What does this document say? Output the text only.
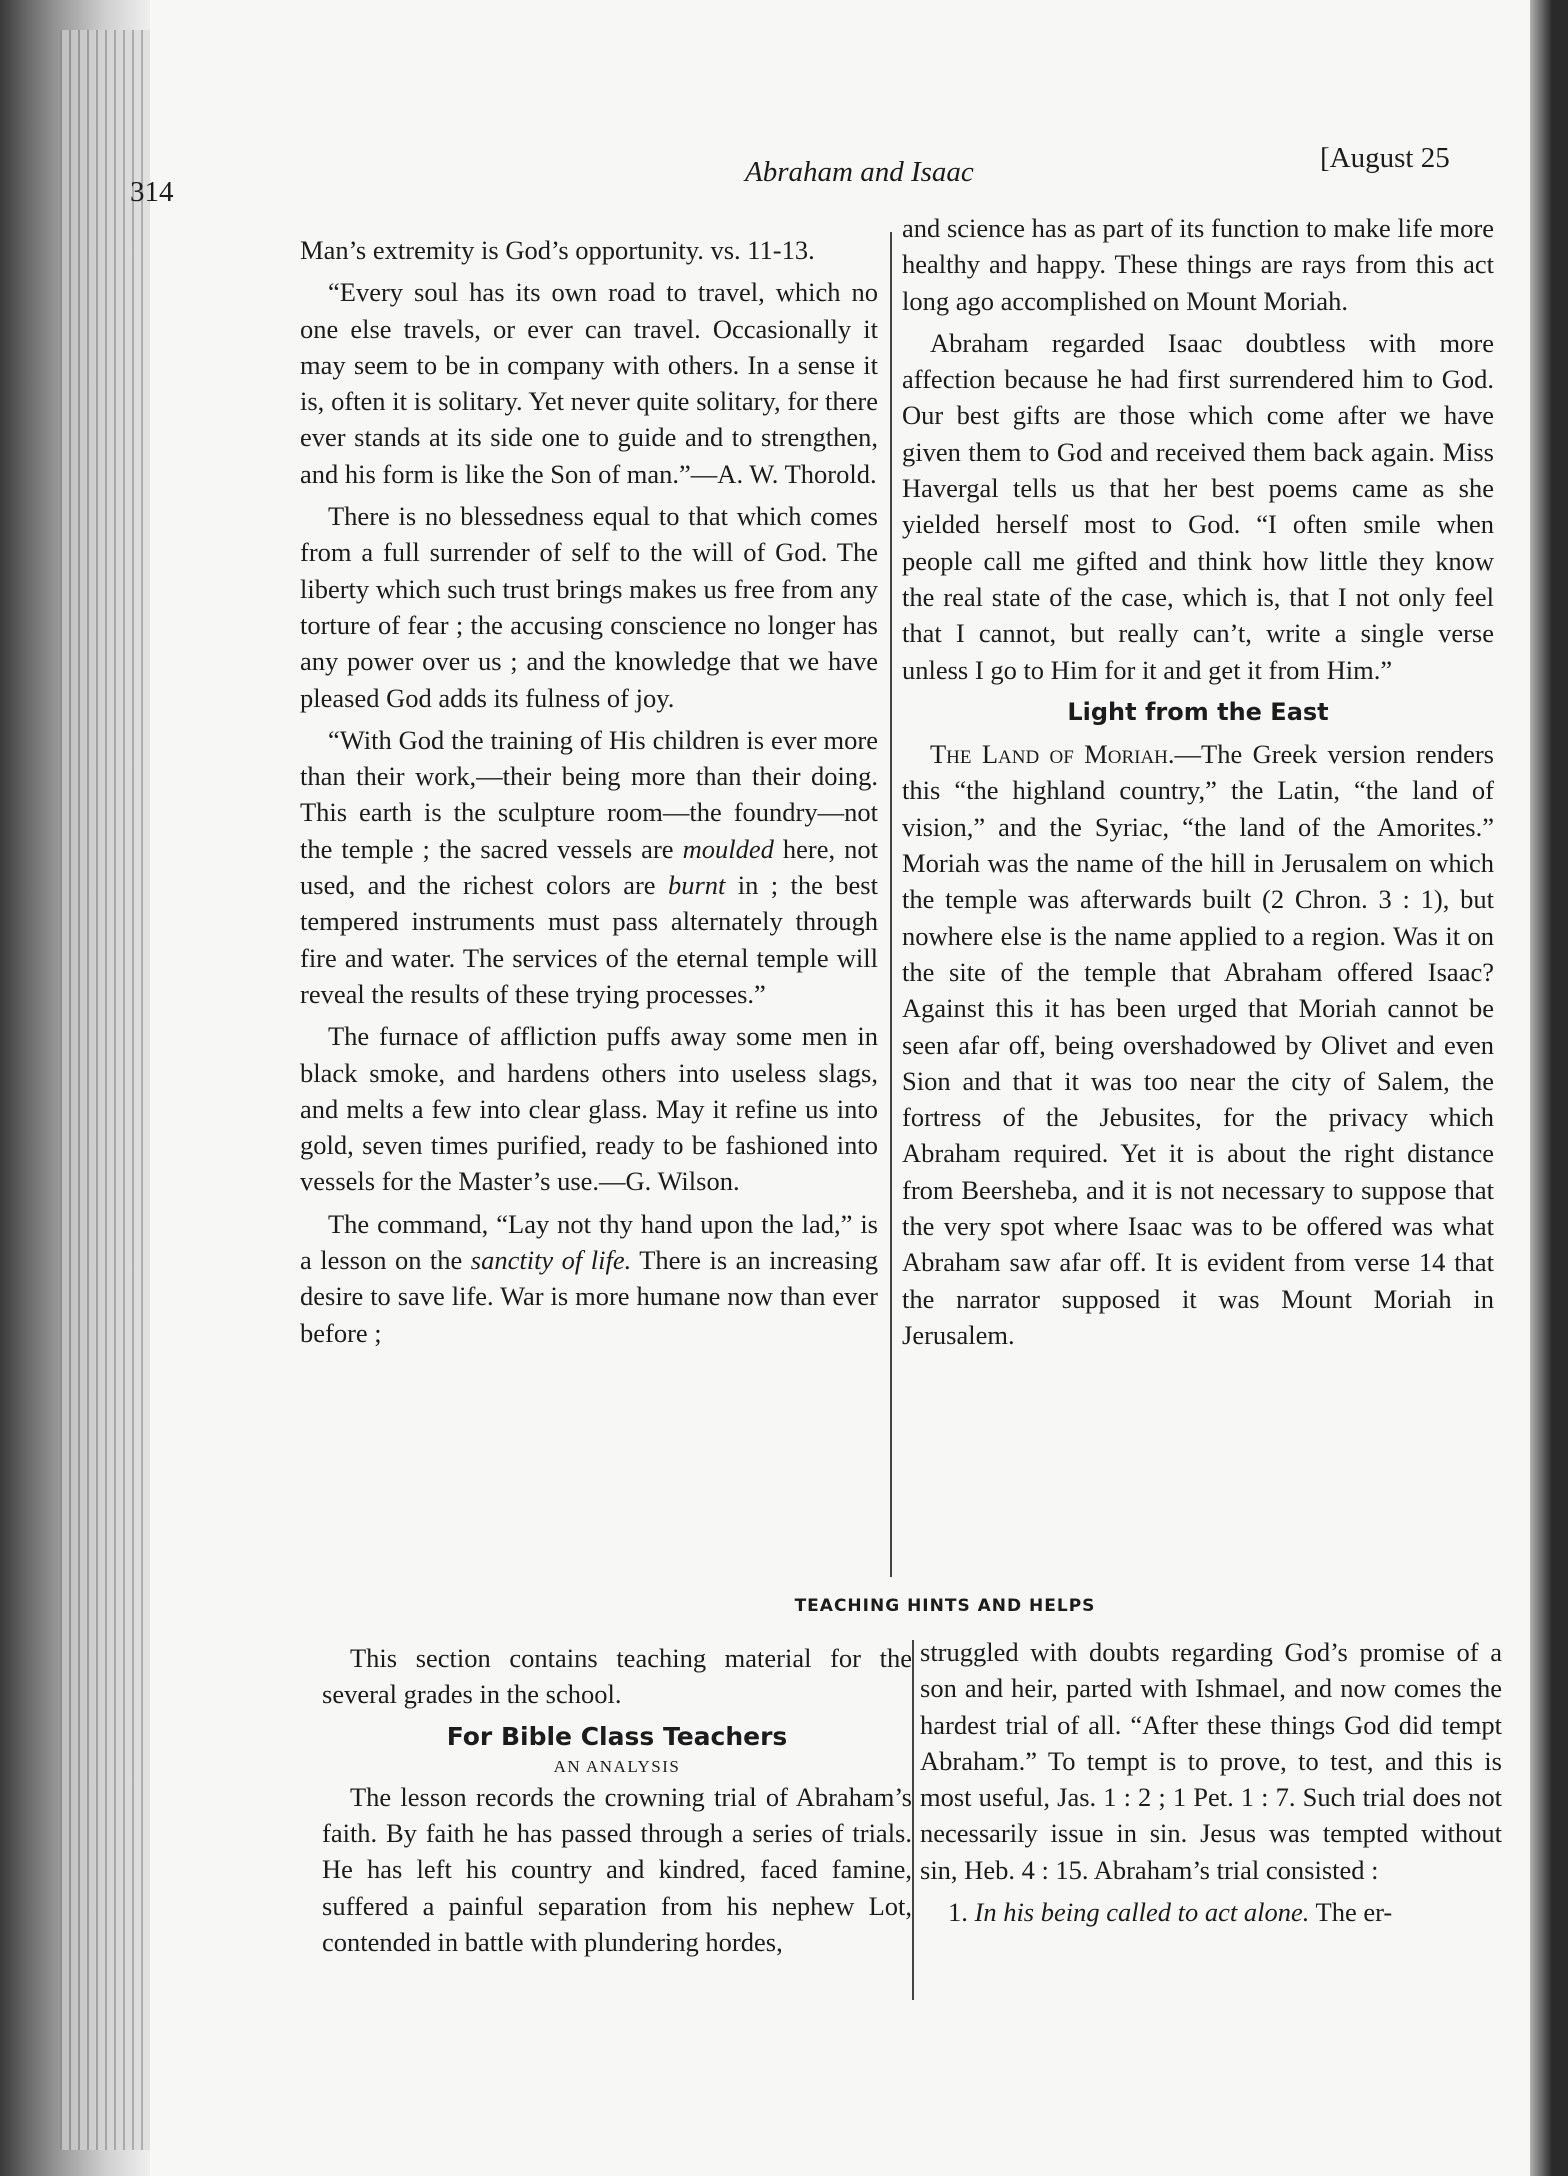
314
Abraham and Isaac	[August 25

Man’s extremity is God’s opportunity. vs. 11-13.

“Every soul has its own road to travel, which no one else travels, or ever can travel. Occasionally it may seem to be in company with others. In a sense it is, often it is solitary. Yet never quite solitary, for there ever stands at its side one to guide and to strengthen, and his form is like the Son of man.”—A. W. Thorold.

There is no blessedness equal to that which comes from a full surrender of self to the will of God. The liberty which such trust brings makes us free from any torture of fear ; the accusing conscience no longer has any power over us ; and the knowledge that we have pleased God adds its fulness of joy.

“With God the training of His children is ever more than their work,—their being more than their doing. This earth is the sculpture room—the foundry—not the temple ; the sacred vessels are moulded here, not used, and the richest colors are burnt in ; the best tempered instruments must pass alternately through fire and water. The services of the eternal temple will reveal the results of these trying processes.”

The furnace of affliction puffs away some men in black smoke, and hardens others into useless slags, and melts a few into clear glass. May it refine us into gold, seven times purified, ready to be fashioned into vessels for the Master’s use.—G. Wilson.

The command, “Lay not thy hand upon the lad,” is a lesson on the sanctity of life. There is an increasing desire to save life. War is more humane now than ever before ;

and science has as part of its function to make life more healthy and happy. These things are rays from this act long ago accomplished on Mount Moriah.

Abraham regarded Isaac doubtless with more affection because he had first surrendered him to God. Our best gifts are those which come after we have given them to God and received them back again. Miss Havergal tells us that her best poems came as she yielded herself most to God. “I often smile when people call me gifted and think how little they know the real state of the case, which is, that I not only feel that I cannot, but really can’t, write a single verse unless I go to Him for it and get it from Him.”

Light from the East

The Land of Moriah.—The Greek version renders this “the highland country,” the Latin, “the land of vision,” and the Syriac, “the land of the Amorites.” Moriah was the name of the hill in Jerusalem on which the temple was afterwards built (2 Chron. 3 : 1), but nowhere else is the name applied to a region. Was it on the site of the temple that Abraham offered Isaac? Against this it has been urged that Moriah cannot be seen afar off, being overshadowed by Olivet and even Sion and that it was too near the city of Salem, the fortress of the Jebusites, for the privacy which Abraham required. Yet it is about the right distance from Beersheba, and it is not necessary to suppose that the very spot where Isaac was to be offered was what Abraham saw afar off. It is evident from verse 14 that the narrator supposed it was Mount Moriah in Jerusalem.

TEACHING HINTS AND HELPS

This section contains teaching material for the several grades in the school.

For Bible Class Teachers
AN ANALYSIS

The lesson records the crowning trial of Abraham’s faith. By faith he has passed through a series of trials. He has left his country and kindred, faced famine, suffered a painful separation from his nephew Lot, contended in battle with plundering hordes,

struggled with doubts regarding God’s promise of a son and heir, parted with Ishmael, and now comes the hardest trial of all. “After these things God did tempt Abraham.” To tempt is to prove, to test, and this is most useful, Jas. 1 : 2 ; 1 Pet. 1 : 7. Such trial does not necessarily issue in sin. Jesus was tempted without sin, Heb. 4 : 15. Abraham’s trial consisted :

1. In his being called to act alone. The er-
